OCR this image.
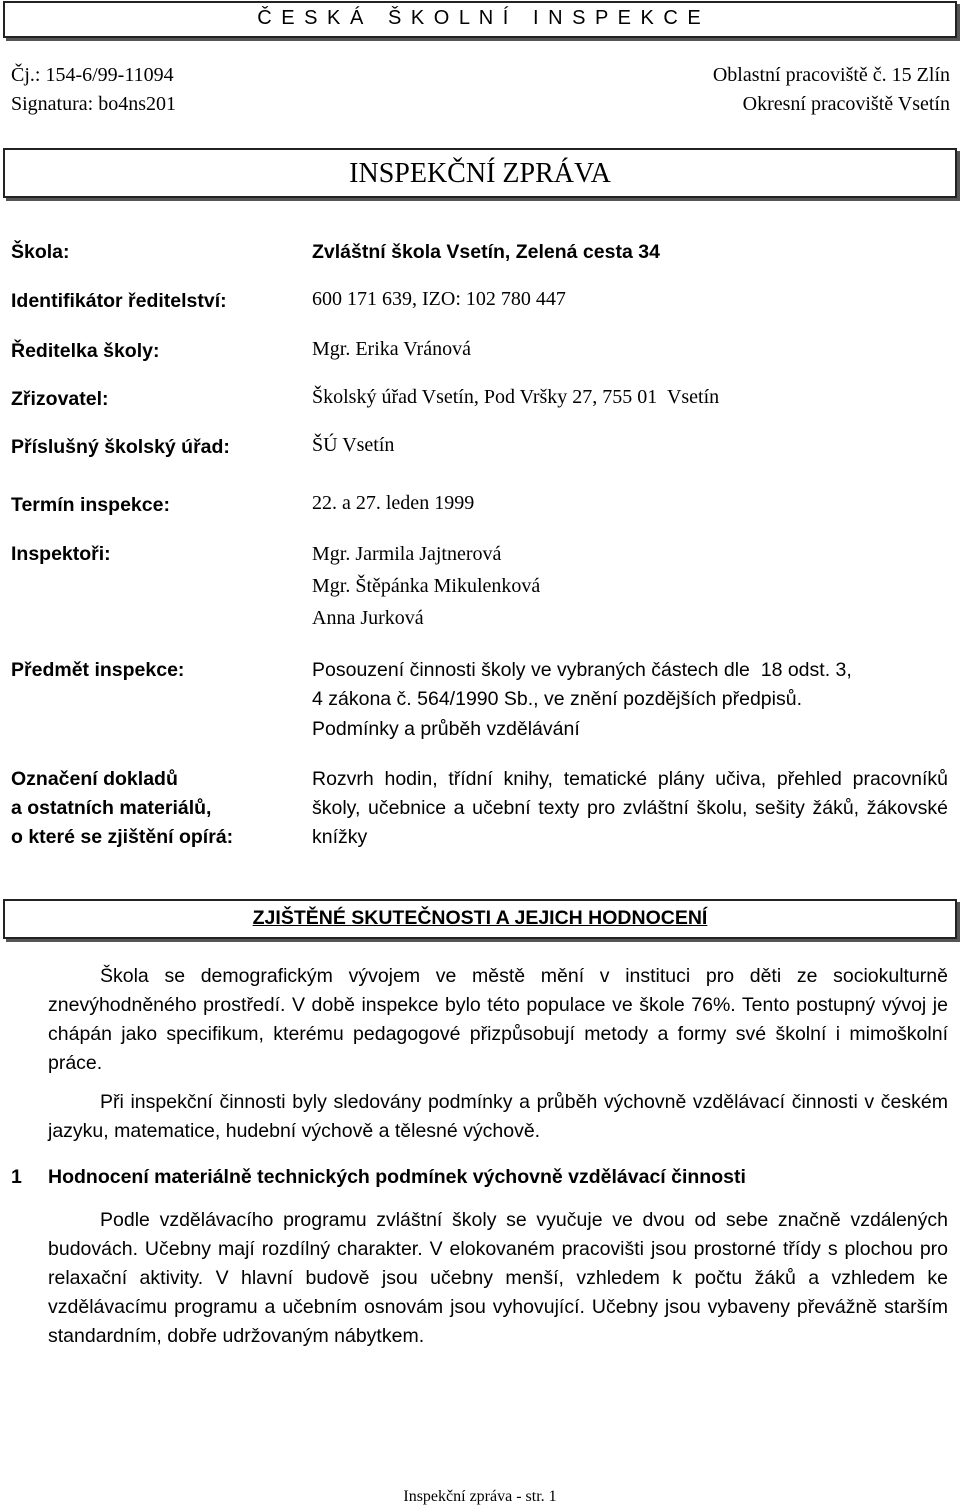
Č E S K Á   Š K O L N Í   I N S P E K C E
Čj.: 154-6/99-11094
Signatura: bo4ns201
Oblastní pracoviště č. 15 Zlín
Okresní pracoviště Vsetín
INSPEKČNÍ ZPRÁVA
Škola:	Zvláštní škola Vsetín, Zelená cesta 34
Identifikátor ředitelství:	600 171 639, IZO: 102 780 447
Ředitelka školy:	Mgr. Erika Vránová
Zřizovatel:	Školský úřad Vsetín, Pod Vršky 27, 755 01  Vsetín
Příslušný školský úřad:	ŠÚ Vsetín
Termín inspekce:	22. a 27. leden 1999
Inspektoři:	Mgr. Jarmila Jajtnerová
Mgr. Štěpánka Mikulenková
Anna Jurková
Předmět inspekce:	Posouzení činnosti školy ve vybraných částech dle  18 odst. 3,
4 zákona č. 564/1990 Sb., ve znění pozdějších předpisů.
Podmínky a průběh vzdělávání
Označení dokladů
a ostatních materiálů,
o které se zjištění opírá:

Rozvrh hodin, třídní knihy, tematické plány učiva, přehled pracovníků školy, učebnice a učební texty pro zvláštní školu, sešity žáků, žákovské knížky

ZJIŠTĚNÉ SKUTEČNOSTI A JEJICH HODNOCENÍ

Škola se demografickým vývojem ve městě mění v instituci pro děti ze sociokulturně znevýhodněného prostředí. V době inspekce bylo této populace ve škole 76%. Tento postupný vývoj je chápán jako specifikum, kterému pedagogové přizpůsobují metody a formy své školní i mimoškolní práce.

Při inspekční činnosti byly sledovány podmínky a průběh výchovně vzdělávací činnosti v českém jazyku, matematice, hudební výchově a tělesné výchově.

1 Hodnocení materiálně technických podmínek výchovně vzdělávací činnosti

Podle vzdělávacího programu zvláštní školy se vyučuje ve dvou od sebe značně vzdálených budovách. Učebny mají rozdílný charakter. V elokovaném pracovišti jsou prostorné třídy s plochou pro relaxační aktivity. V hlavní budově jsou učebny menší, vzhledem k počtu žáků a vzhledem ke vzdělávacímu programu a učebním osnovám jsou vyhovující. Učebny jsou vybaveny převážně starším standardním, dobře udržovaným nábytkem.

Inspekční zpráva - str. 1
